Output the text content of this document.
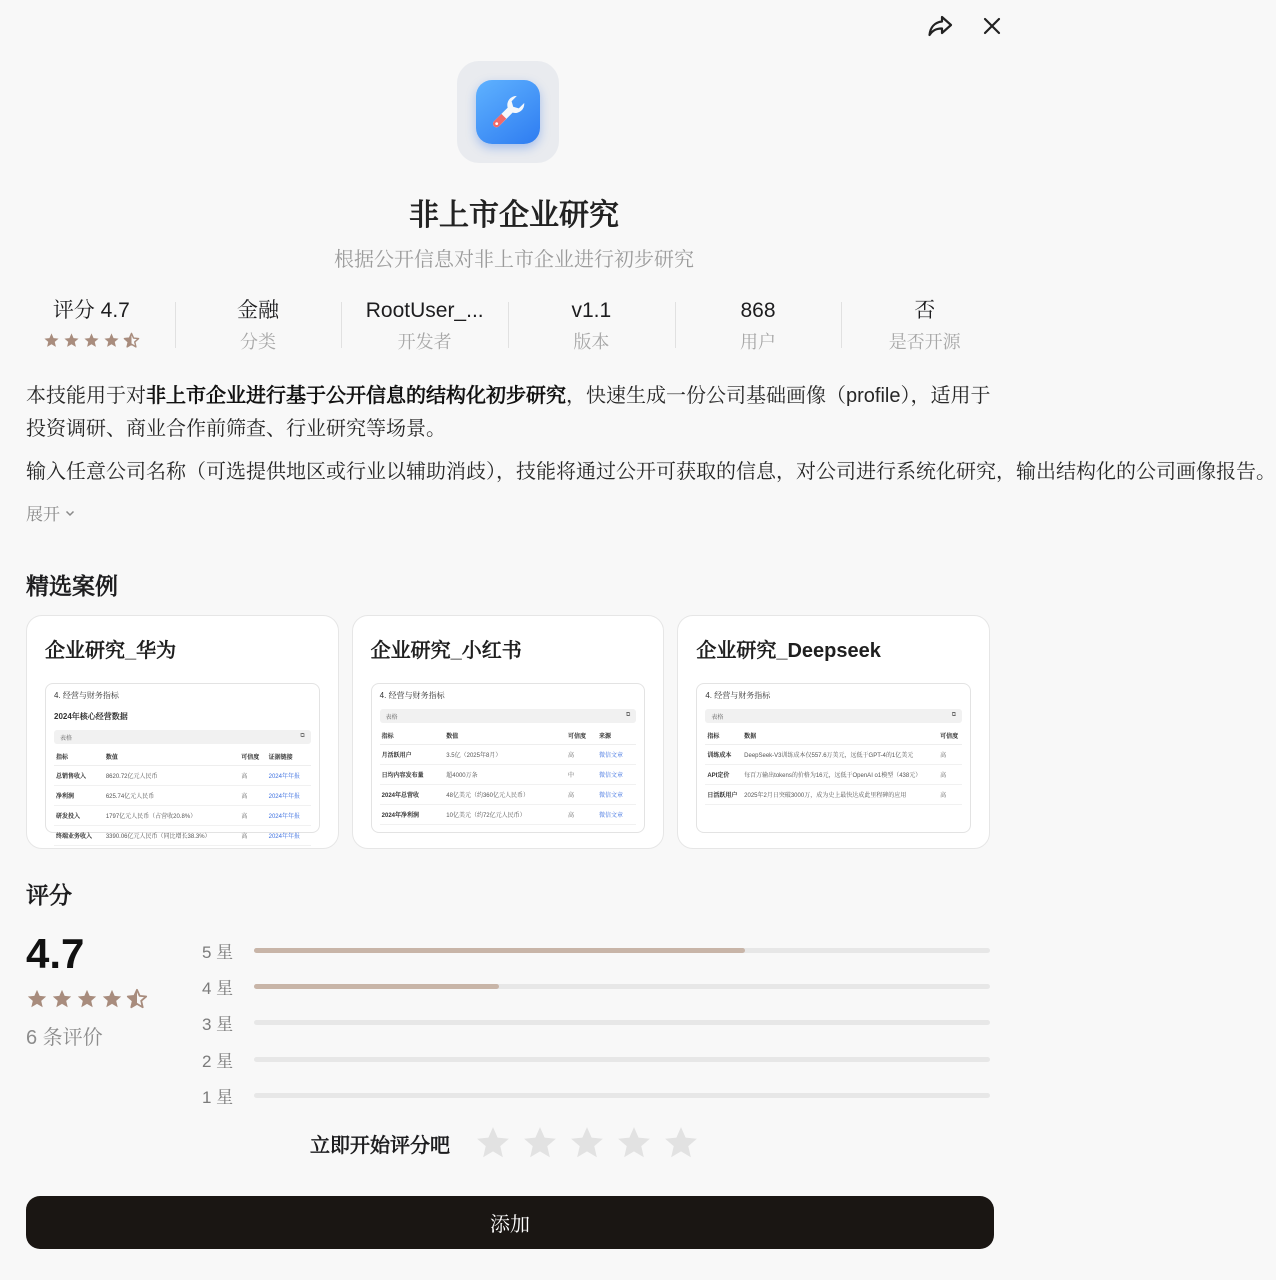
非上市企业研究
根据公开信息对非上市企业进行初步研究
评分 4.7	金融
分类
RootUser_...
开发者
v1.1
版本
868
用户
否
是否开源

本技能用于对非上市企业进行基于公开信息的结构化初步研究，快速生成一份公司基础画像（profile），适用于投资调研、商业合作前筛查、行业研究等场景。

输入任意公司名称（可选提供地区或行业以辅助消歧），技能将通过公开可获取的信息，对公司进行系统化研究，输出结构化的公司画像报告。

展开
精选案例
企业研究_华为
4. 经营与财务指标
2024年核心经营数据
表格	⧉
指标	数值	可信度	证据链接
总销售收入	8620.72亿元人民币	高	2024年年报
净利润	625.74亿元人民币	高	2024年年报
研发投入	1797亿元人民币（占营收20.8%）	高	2024年年报
终端业务收入	3390.06亿元人民币（同比增长38.3%）	高	2024年年报
企业研究_小红书
4. 经营与财务指标
表格	⧉
指标	数值	可信度	来源
月活跃用户	3.5亿（2025年8月）	高	微信文章
日均内容发布量	超4000万条	中	微信文章
2024年总营收	48亿美元（约360亿元人民币）	高	微信文章
2024年净利润	10亿美元（约72亿元人民币）	高	微信文章
企业研究_Deepseek
4. 经营与财务指标
表格	⧉
指标	数据	可信度
训练成本	DeepSeek-V3训练成本仅557.6万美元，远低于GPT-4的1亿美元	高
API定价	每百万输出tokens的价格为16元，远低于OpenAI o1模型（438元）	高
日活跃用户	2025年2月日突破3000万，成为史上最快达成此里程碑的应用	高
评分
4.7
6 条评价
5 星
4 星
3 星
2 星
1 星
立即开始评分吧
添加
